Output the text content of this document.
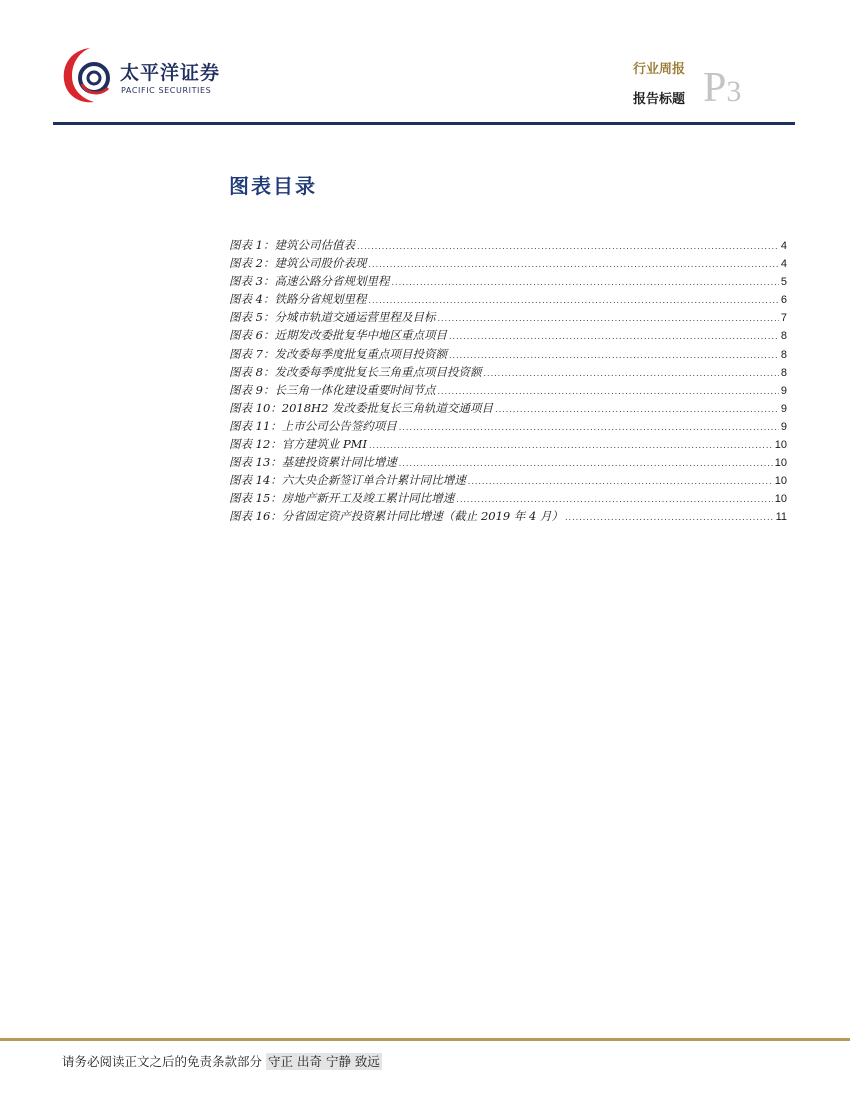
太平洋证券
PACIFIC SECURITIES
行业周报
报告标题 P3
图表目录
图表 1：建筑公司估值表 .....	4
图表 2：建筑公司股价表现 .....	4
图表 3：高速公路分省规划里程 .....	5
图表 4：铁路分省规划里程 .....	6
图表 5：分城市轨道交通运营里程及目标 .....	7
图表 6：近期发改委批复华中地区重点项目 .....	8
图表 7：发改委每季度批复重点项目投资额 .....	8
图表 8：发改委每季度批复长三角重点项目投资额 .....	8
图表 9：长三角一体化建设重要时间节点 .....	9
图表 10：2018H2 发改委批复长三角轨道交通项目 .....	9
图表 11：上市公司公告签约项目 .....	9
图表 12：官方建筑业 PMI .....	10
图表 13：基建投资累计同比增速 .....	10
图表 14：六大央企新签订单合计累计同比增速 .....	10
图表 15：房地产新开工及竣工累计同比增速 .....	10
图表 16：分省固定资产投资累计同比增速（截止 2019 年 4 月） .....	11
请务必阅读正文之后的免责条款部分 守正 出奇 宁静 致远
